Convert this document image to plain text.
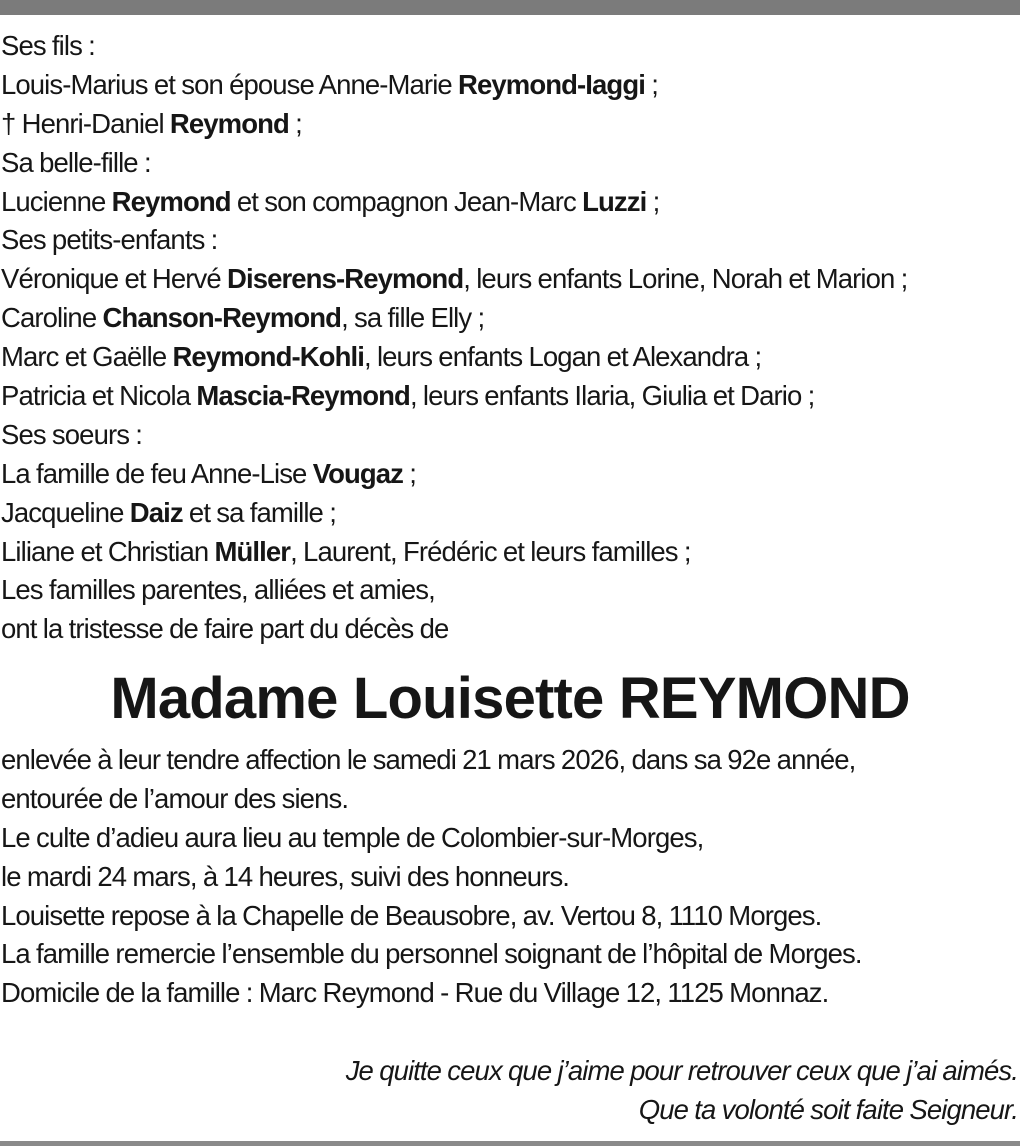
Ses fils :
Louis-Marius et son épouse Anne-Marie Reymond-Iaggi ;
† Henri-Daniel Reymond ;
Sa belle-fille :
Lucienne Reymond et son compagnon Jean-Marc Luzzi ;
Ses petits-enfants :
Véronique et Hervé Diserens-Reymond, leurs enfants Lorine, Norah et Marion ;
Caroline Chanson-Reymond, sa fille Elly ;
Marc et Gaëlle Reymond-Kohli, leurs enfants Logan et Alexandra ;
Patricia et Nicola Mascia-Reymond, leurs enfants Ilaria, Giulia et Dario ;
Ses soeurs :
La famille de feu Anne-Lise Vougaz ;
Jacqueline Daiz et sa famille ;
Liliane et Christian Müller, Laurent, Frédéric et leurs familles ;
Les familles parentes, alliées et amies,
ont la tristesse de faire part du décès de
Madame Louisette REYMOND
enlevée à leur tendre affection le samedi 21 mars 2026, dans sa 92e année,
entourée de l’amour des siens.
Le culte d’adieu aura lieu au temple de Colombier-sur-Morges,
le mardi 24 mars, à 14 heures, suivi des honneurs.
Louisette repose à la Chapelle de Beausobre, av. Vertou 8, 1110 Morges.
La famille remercie l’ensemble du personnel soignant de l’hôpital de Morges.
Domicile de la famille : Marc Reymond - Rue du Village 12, 1125 Monnaz.
Je quitte ceux que j’aime pour retrouver ceux que j’ai aimés.
Que ta volonté soit faite Seigneur.
